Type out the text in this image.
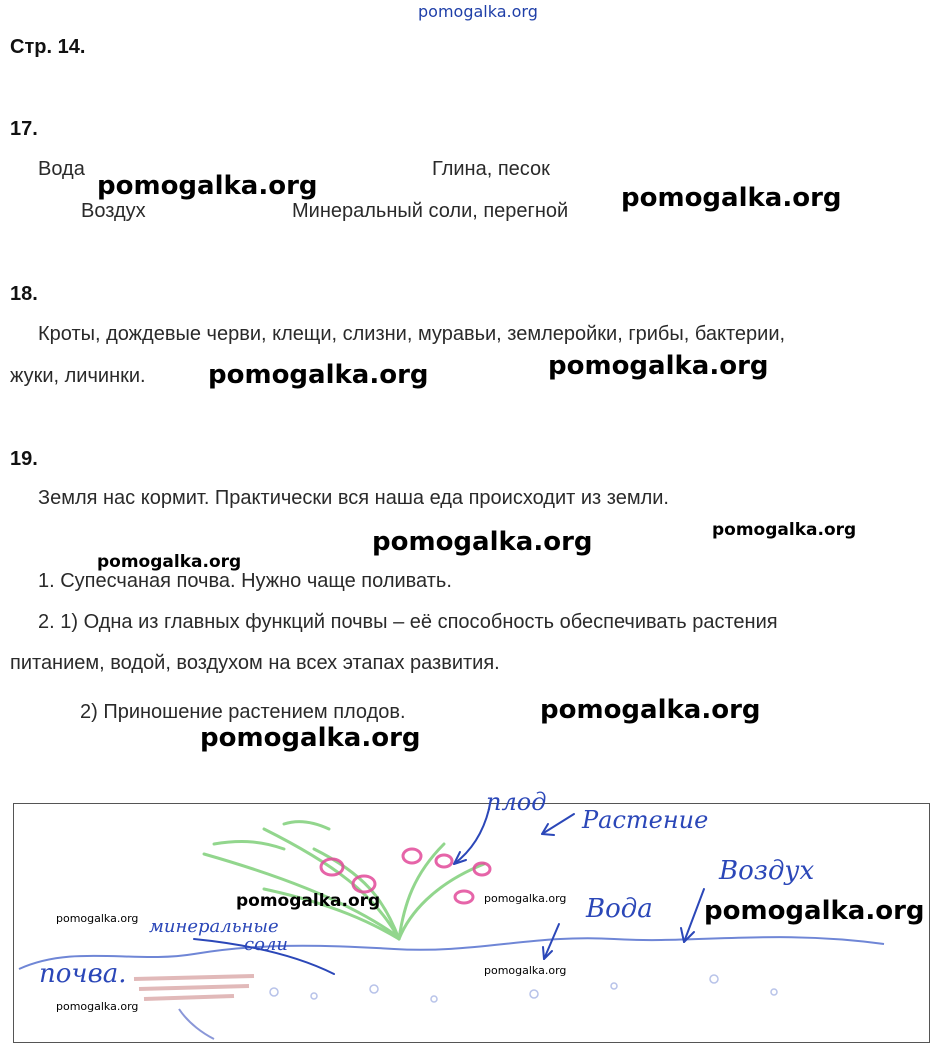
pomogalka.org
Стр. 14.
17.
Вода	Глина, песок
Воздух	Минеральный соли, перегной
pomogalka.org	pomogalka.org
18.
Кроты, дождевые черви, клещи, слизни, муравьи, землеройки, грибы, бактерии,
жуки, личинки. pomogalka.org	pomogalka.org
19.
Земля нас кормит. Практически вся наша еда происходит из земли.
pomogalka.org
pomogalka.org
pomogalka.org
1. Супесчаная почва. Нужно чаще поливать.
2. 1) Одна из главных функций почвы – её способность обеспечивать растения
питанием, водой, воздухом на всех этапах развития.
2) Приношение растением плодов.	pomogalka.org
pomogalka.org
плод
Растение
Воздух
Вода
минеральные
соли
почва.
pomogalka.org	pomogalka.org	pomogalka.org
pomogalka.org
pomogalka.org
pomogalka.org
